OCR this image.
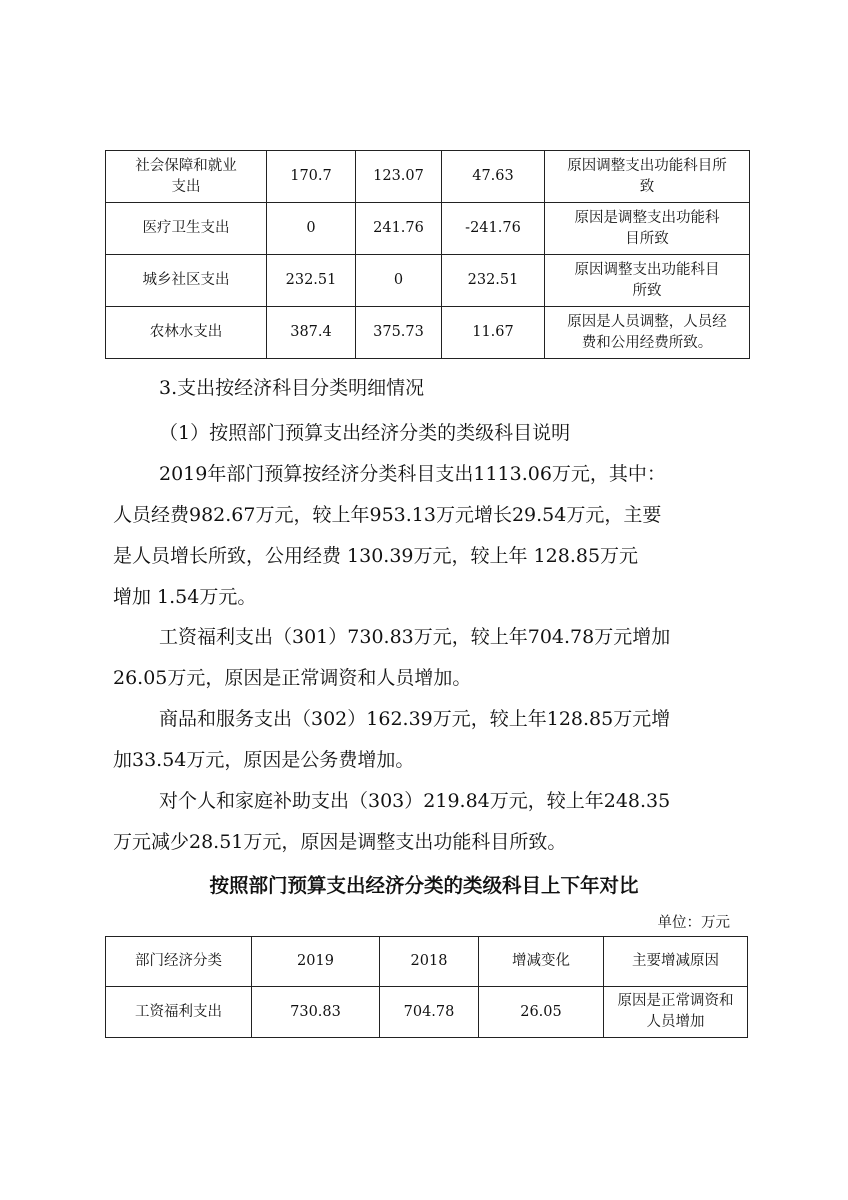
社会保障和就业
支出	170.7	123.07	47.63	原因调整支出功能科目所
致
医疗卫生支出	0	241.76	-241.76	原因是调整支出功能科
目所致
城乡社区支出	232.51	0	232.51	原因调整支出功能科目
所致
农林水支出	387.4	375.73	11.67	原因是人员调整，人员经
费和公用经费所致。

3.支出按经济科目分类明细情况

（1）按照部门预算支出经济分类的类级科目说明

2019年部门预算按经济分类科目支出1113.06万元，其中：
人员经费982.67万元，较上年953.13万元增长29.54万元，主要
是人员增长所致，公用经费 130.39万元，较上年 128.85万元
增加 1.54万元。

工资福利支出（301）730.83万元，较上年704.78万元增加
26.05万元，原因是正常调资和人员增加。

商品和服务支出（302）162.39万元，较上年128.85万元增
加33.54万元，原因是公务费增加。

对个人和家庭补助支出（303）219.84万元，较上年248.35
万元减少28.51万元，原因是调整支出功能科目所致。

按照部门预算支出经济分类的类级科目上下年对比

单位：万元

部门经济分类	2019	2018	增减变化	主要增减原因
工资福利支出	730.83	704.78	26.05	原因是正常调资和
人员增加
